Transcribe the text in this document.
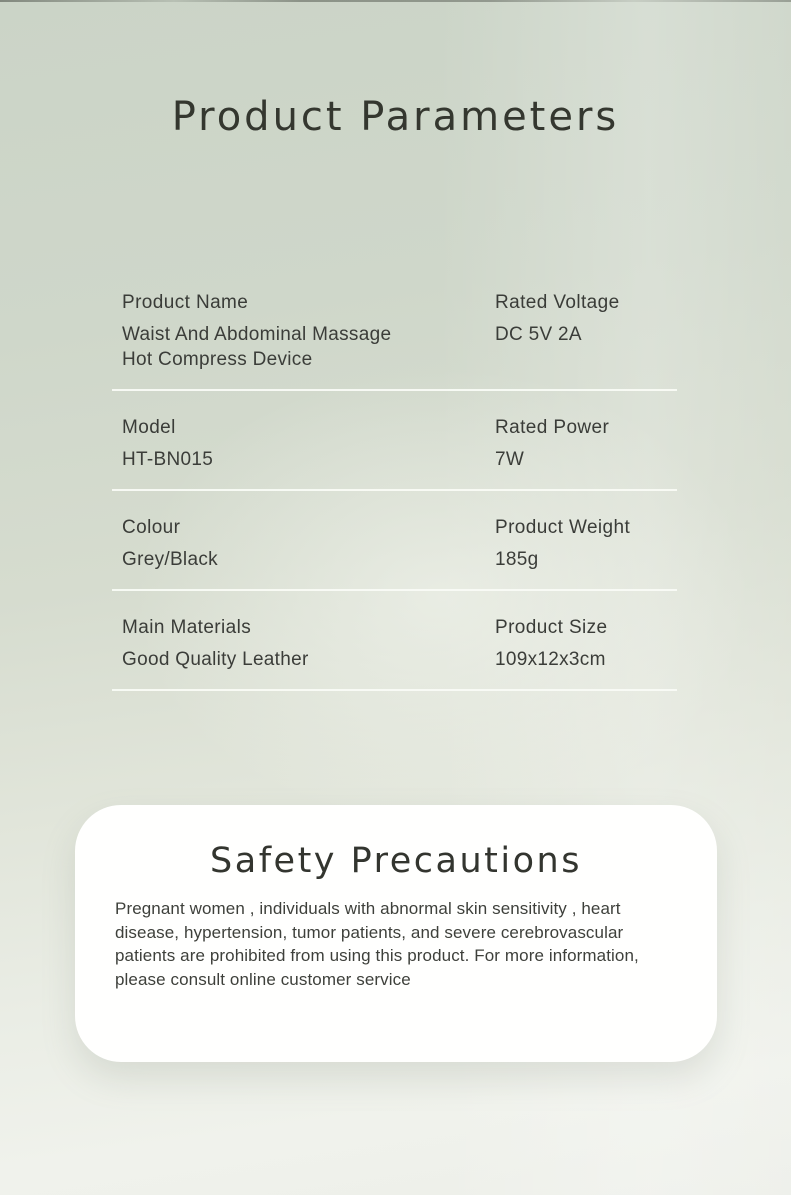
Product Parameters
Product Name
Waist And Abdominal Massage Hot Compress Device
Rated Voltage
DC 5V 2A
Model
HT-BN015
Rated Power
7W
Colour
Grey/Black
Product Weight
185g
Main Materials
Good Quality Leather
Product Size
109x12x3cm
Safety Precautions

Pregnant women , individuals with abnormal skin sensitivity , heart disease, hypertension, tumor patients, and severe cerebrovascular patients are prohibited from using this product. For more information, please consult online customer service
